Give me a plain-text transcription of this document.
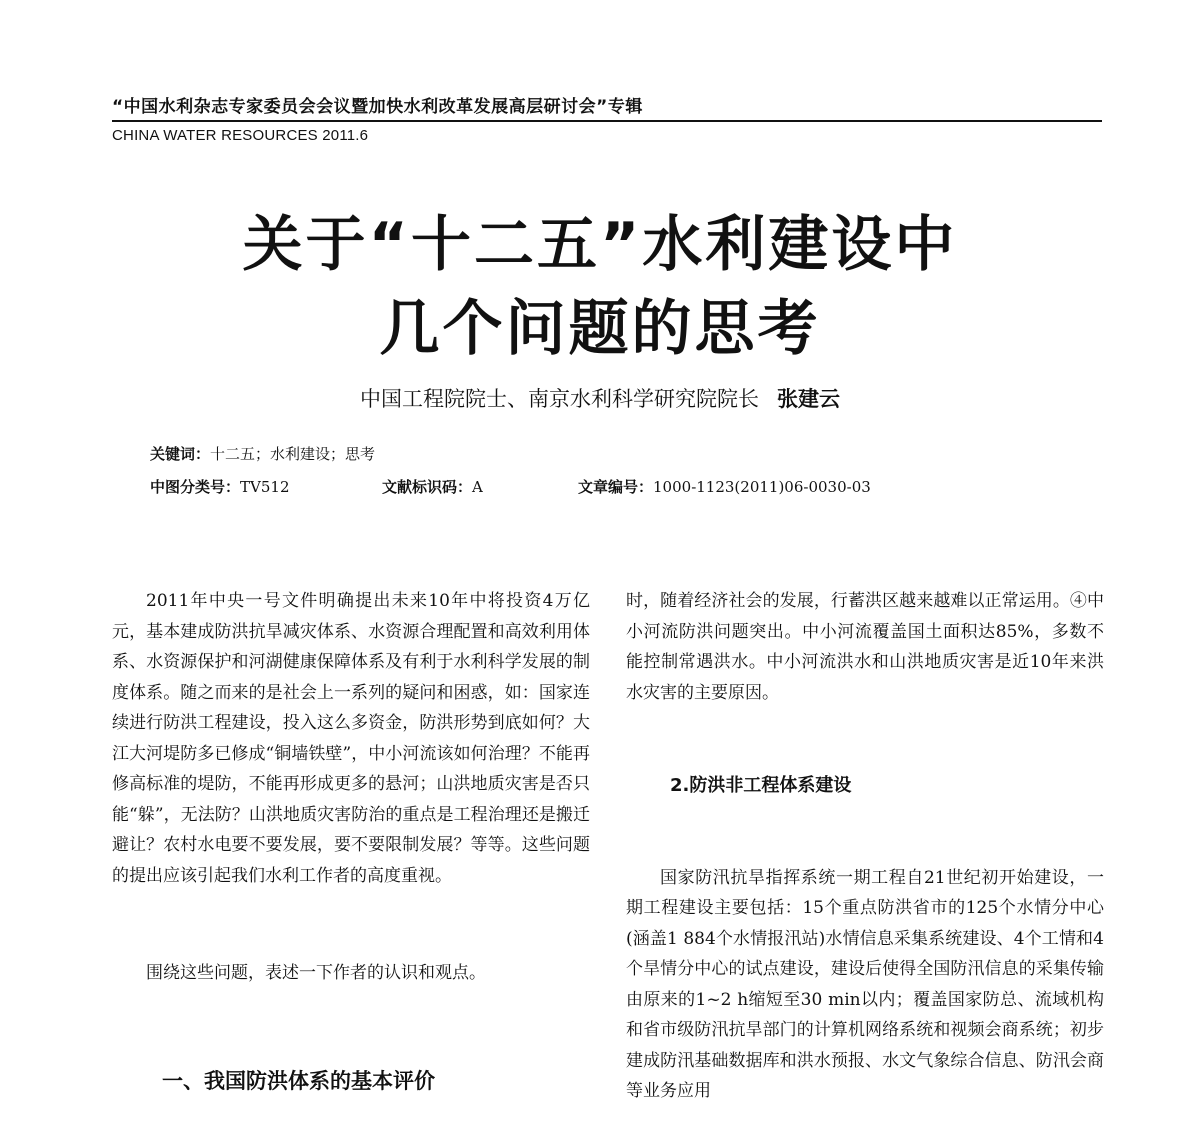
“中国水利杂志专家委员会会议暨加快水利改革发展高层研讨会”专辑
CHINA WATER RESOURCES 2011.6
关于“十二五”水利建设中
几个问题的思考
中国工程院院士、南京水利科学研究院院长 张建云
关键词：十二五；水利建设；思考
中图分类号：TV512	文献标识码：A	文章编号：1000-1123(2011)06-0030-03

2011年中央一号文件明确提出未来10年中将投资4万亿元，基本建成防洪抗旱减灾体系、水资源合理配置和高效利用体系、水资源保护和河湖健康保障体系及有利于水利科学发展的制度体系。随之而来的是社会上一系列的疑问和困惑，如：国家连续进行防洪工程建设，投入这么多资金，防洪形势到底如何？大江大河堤防多已修成“铜墙铁壁”，中小河流该如何治理？不能再修高标准的堤防，不能再形成更多的悬河；山洪地质灾害是否只能“躲”，无法防？山洪地质灾害防治的重点是工程治理还是搬迁避让？农村水电要不要发展，要不要限制发展？等等。这些问题的提出应该引起我们水利工作者的高度重视。

围绕这些问题，表述一下作者的认识和观点。

一、我国防洪体系的基本评价

时，随着经济社会的发展，行蓄洪区越来越难以正常运用。④中小河流防洪问题突出。中小河流覆盖国土面积达85%，多数不能控制常遇洪水。中小河流洪水和山洪地质灾害是近10年来洪水灾害的主要原因。

2.防洪非工程体系建设

国家防汛抗旱指挥系统一期工程自21世纪初开始建设，一期工程建设主要包括：15个重点防洪省市的125个水情分中心(涵盖1 884个水情报汛站)水情信息采集系统建设、4个工情和4个旱情分中心的试点建设，建设后使得全国防汛信息的采集传输由原来的1~2 h缩短至30 min以内；覆盖国家防总、流域机构和省市级防汛抗旱部门的计算机网络系统和视频会商系统；初步建成防汛基础数据库和洪水预报、水文气象综合信息、防汛会商等业务应用
